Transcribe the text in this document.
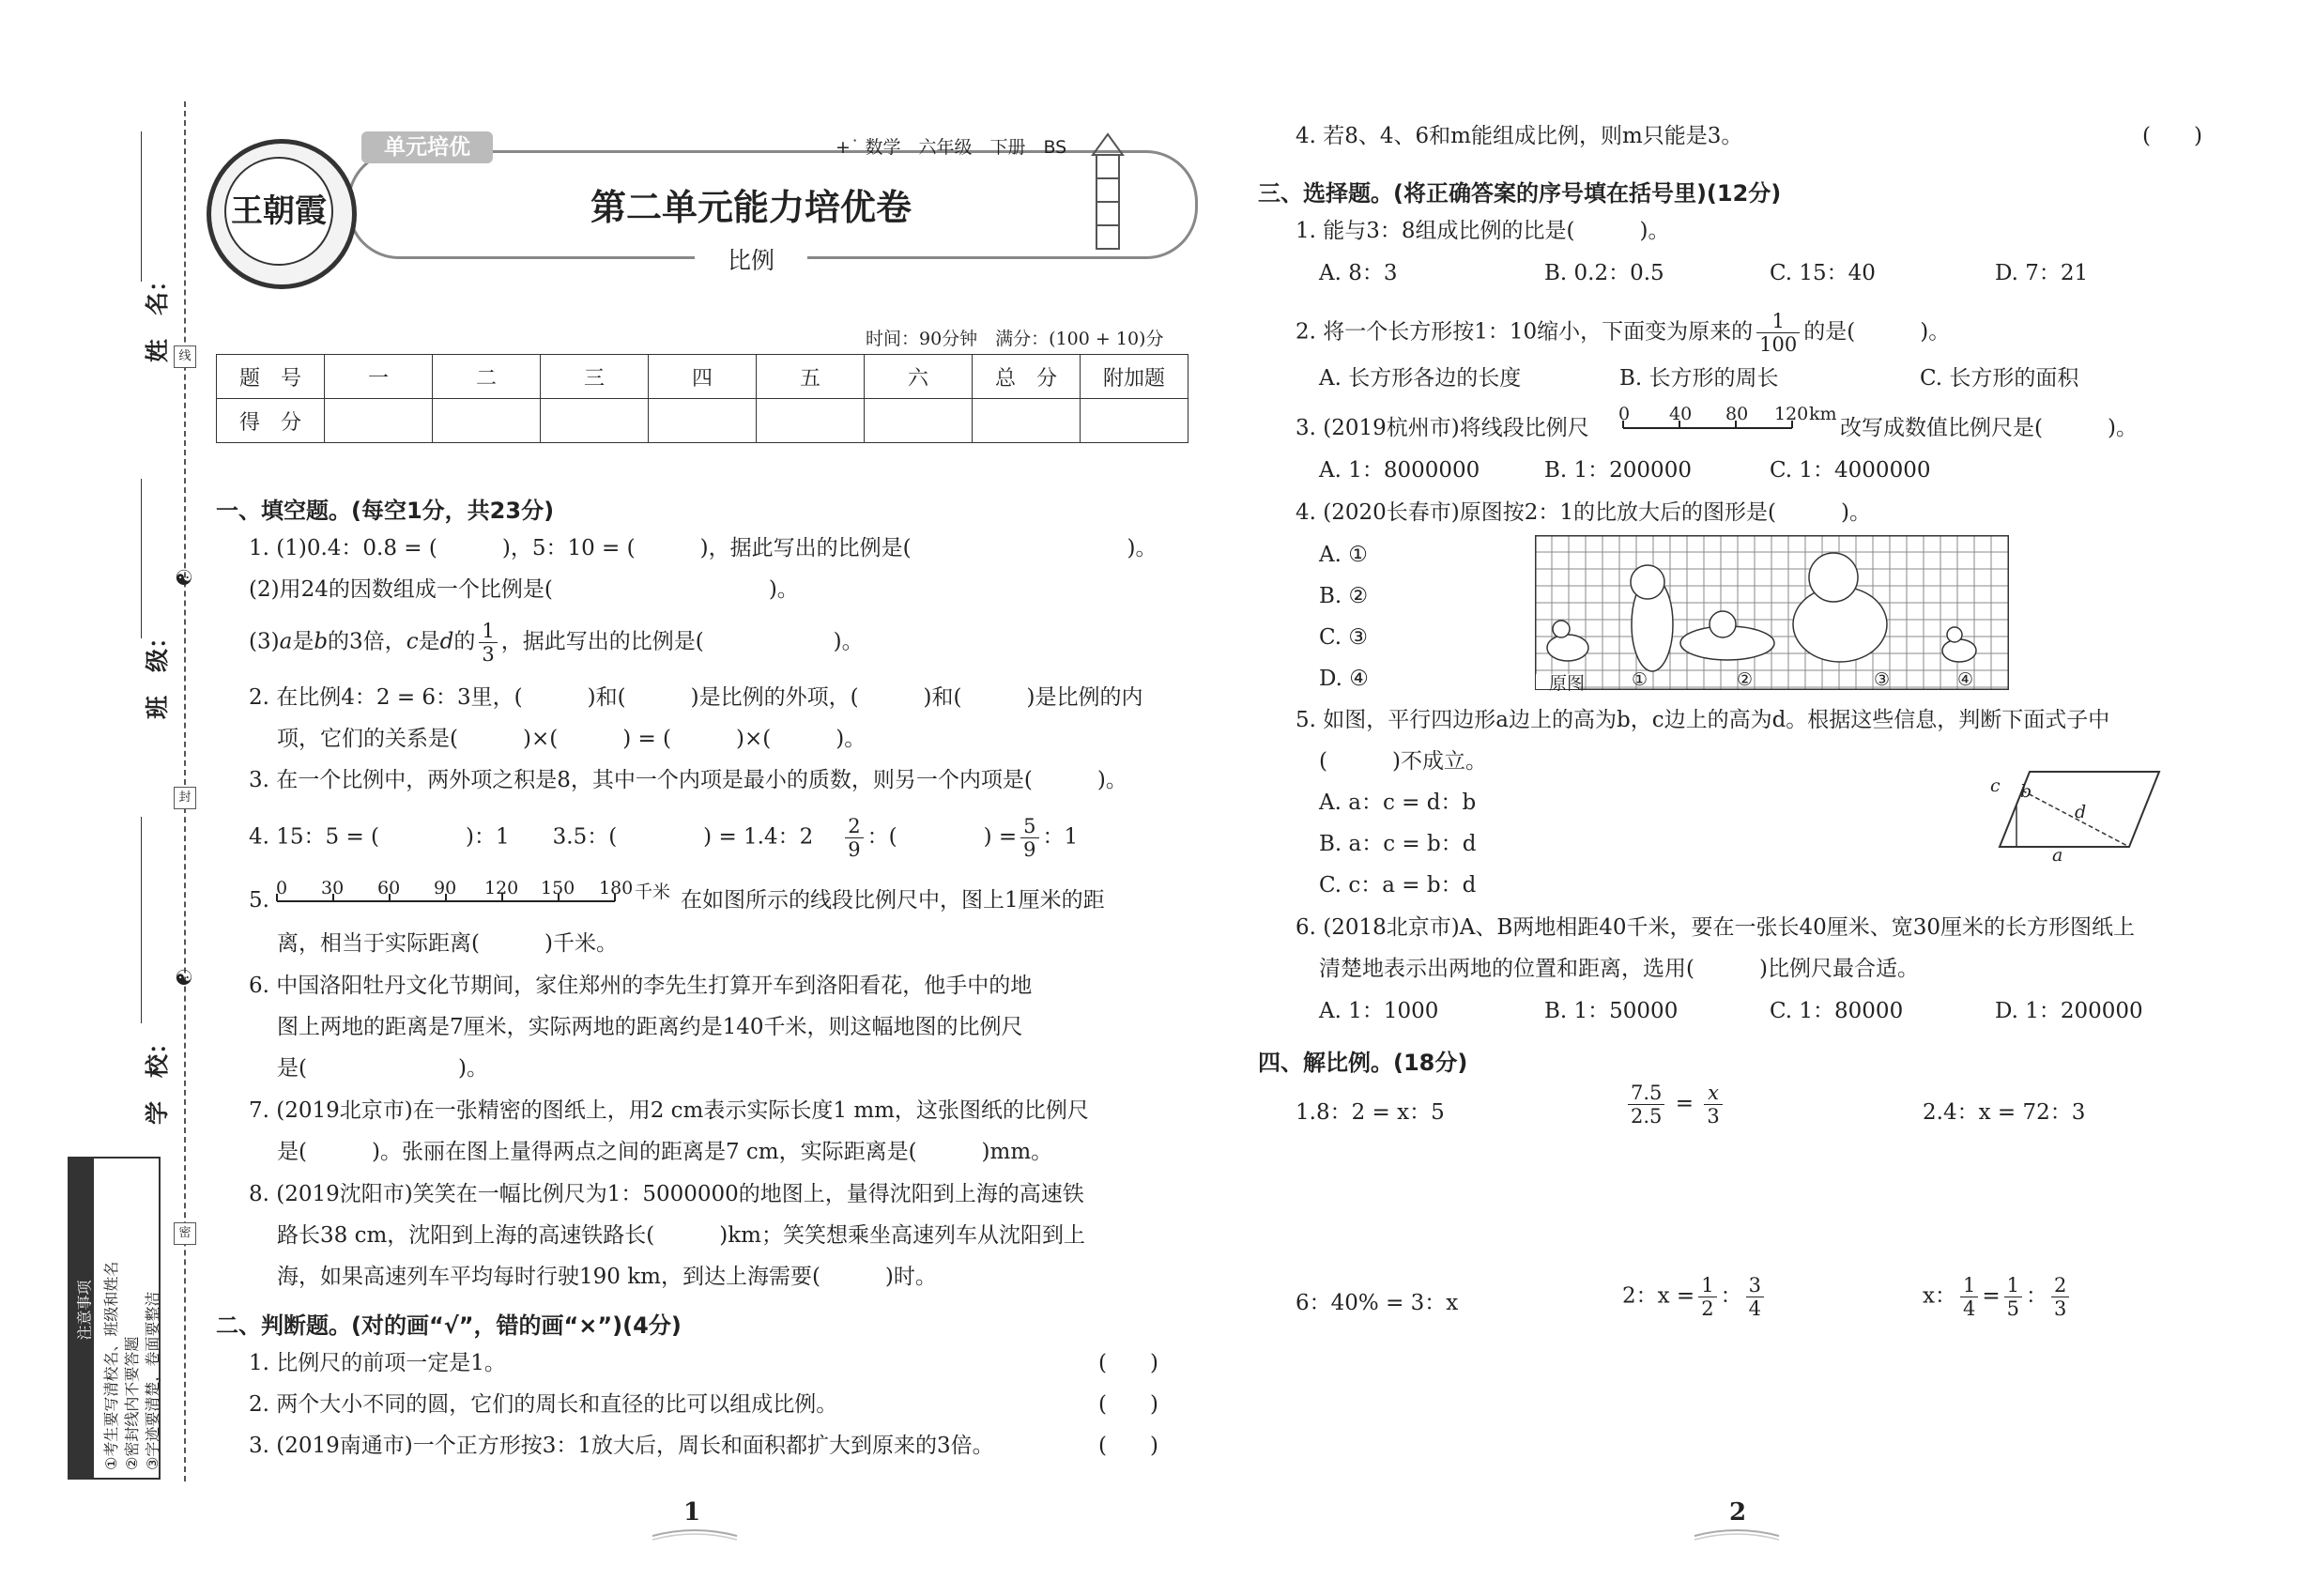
线
封
密
☯
☯
姓　名：
班　级：
学　校：
注意事项 ①考生要写清校名、班级和姓名 ②密封线内不要答题 ③字迹要清楚，卷面要整洁
单元培优	+˙ 数学　六年级　下册　BS
王朝霞	第二单元能力培优卷
比例
时间：90分钟　满分：(100 + 10)分
题　号	一	二	三	四	五	六	总　分	附加题
得　分								
一、填空题。(每空1分，共23分)
1. (1)0.4：0.8 = (　　　)，5：10 = (　　　)，据此写出的比例是(　　　　　　　　　　)。
(2)用24的因数组成一个比例是(　　　　　　　　　　)。
(3)a是b的3倍，c是d的 $\frac{1}{3}$ ，据此写出的比例是(　　　　　　)。
2. 在比例4：2 = 6：3里，(　　　)和(　　　)是比例的外项，(　　　)和(　　　)是比例的内
项，它们的关系是(　　　)×(　　　) = (　　　)×(　　　)。
3. 在一个比例中，两外项之积是8，其中一个内项是最小的质数，则另一个内项是(　　　)。
4. 15：5 = (　　　　)：1　　3.5：(　　　　) = 1.4：$2 \frac{2}{9}$ ：(　　　　) = $\frac{5}{9}$ ：1
5. 0 30 60 90 120 150 180 千米 在如图所示的线段比例尺中，图上1厘米的距
离，相当于实际距离(　　　)千米。
6. 中国洛阳牡丹文化节期间，家住郑州的李先生打算开车到洛阳看花，他手中的地
图上两地的距离是7厘米，实际两地的距离约是140千米，则这幅地图的比例尺
是(　　　　　　　)。
7. (2019北京市)在一张精密的图纸上，用2 cm表示实际长度1 mm，这张图纸的比例尺
是(　　　)。张丽在图上量得两点之间的距离是7 cm，实际距离是(　　　)mm。
8. (2019沈阳市)笑笑在一幅比例尺为1：5000000的地图上，量得沈阳到上海的高速铁
路长38 cm，沈阳到上海的高速铁路长(　　　)km；笑笑想乘坐高速列车从沈阳到上
海，如果高速列车平均每时行驶190 km，到达上海需要(　　　)时。
二、判断题。(对的画“√”，错的画“×”)(4分)
1. 比例尺的前项一定是1。	(　　)
2. 两个大小不同的圆，它们的周长和直径的比可以组成比例。	(　　)
3. (2019南通市)一个正方形按3：1放大后，周长和面积都扩大到原来的3倍。	(　　)
1
4. 若8、4、6和m能组成比例，则m只能是3。	(　　)
三、选择题。(将正确答案的序号填在括号里)(12分)
1. 能与3：8组成比例的比是(　　　)。
A. 8：3	B. 0.2：0.5	C. 15：40	D. 7：21
2. 将一个长方形按1：10缩小，下面变为原来的 $\frac{1}{100}$ 的是(　　　)。
A. 长方形各边的长度	B. 长方形的周长	C. 长方形的面积
3. (2019杭州市)将线段比例尺
0 40 80 120 km
改写成数值比例尺是(　　　)。
A. 1：8000000	B. 1：200000	C. 1：4000000
4. (2020长春市)原图按2：1的比放大后的图形是(　　　)。
A. ①
B. ②
C. ③
D. ④	原图	①	②	③	④
5. 如图，平行四边形a边上的高为b，c边上的高为d。根据这些信息，判断下面式子中
(　　　)不成立。
A. a：c = d：b
B. a：c = b：d
C. c：a = b：d
c b
d
a
6. (2018北京市)A、B两地相距40千米，要在一张长40厘米、宽30厘米的长方形图纸上
清楚地表示出两地的位置和距离，选用(　　　)比例尺最合适。
A. 1：1000	B. 1：50000	C. 1：80000	D. 1：200000
四、解比例。(18分)
1.8：2 = x：5	$\frac{7.5}{2.5} = \frac{x}{3}$	2.4：x = 72：3
6：40% = 3：x	2：$x = \frac{1}{2}$ ： $\frac{3}{4}$	x： $\frac{1}{4} = \frac{1}{5}$ ： $\frac{2}{3}$
2
